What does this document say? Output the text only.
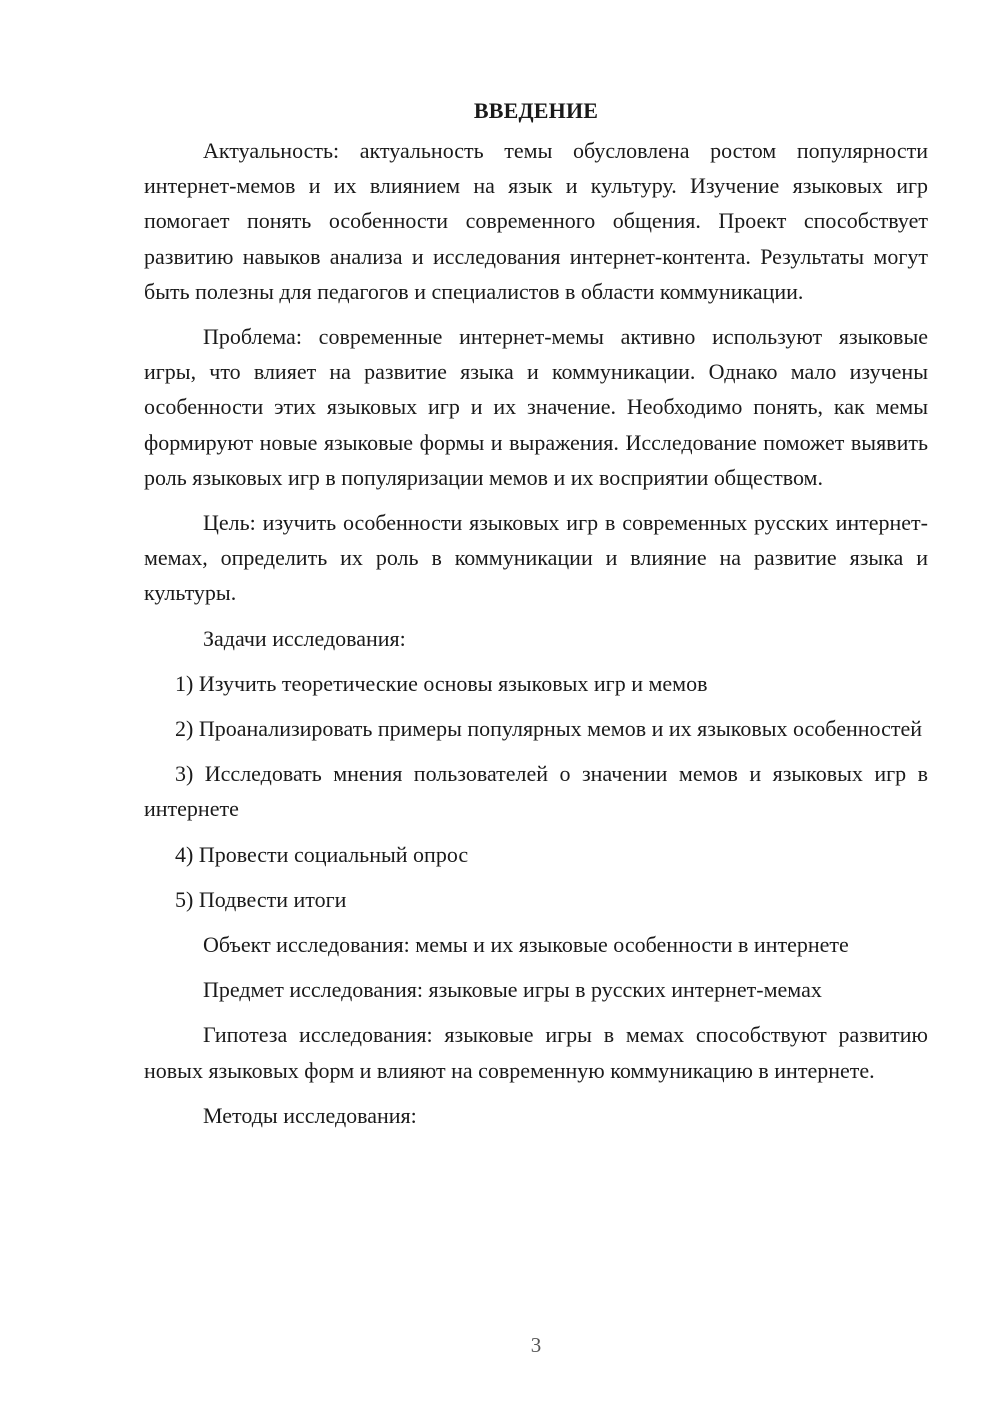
ВВЕДЕНИЕ

Актуальность: актуальность темы обусловлена ростом популярности интернет-мемов и их влиянием на язык и культуру. Изучение языковых игр помогает понять особенности современного общения. Проект способствует развитию навыков анализа и исследования интернет-контента. Результаты могут быть полезны для педагогов и специалистов в области коммуникации.

Проблема: современные интернет-мемы активно используют языковые игры, что влияет на развитие языка и коммуникации. Однако мало изучены особенности этих языковых игр и их значение. Необходимо понять, как мемы формируют новые языковые формы и выражения. Исследование поможет выявить роль языковых игр в популяризации мемов и их восприятии обществом.

Цель: изучить особенности языковых игр в современных русских интернет-мемах, определить их роль в коммуникации и влияние на развитие языка и культуры.

Задачи исследования:

1) Изучить теоретические основы языковых игр и мемов

2) Проанализировать примеры популярных мемов и их языковых особенностей

3) Исследовать мнения пользователей о значении мемов и языковых игр в интернете

4) Провести социальный опрос

5) Подвести итоги

Объект исследования: мемы и их языковые особенности в интернете

Предмет исследования: языковые игры в русских интернет-мемах

Гипотеза исследования: языковые игры в мемах способствуют развитию новых языковых форм и влияют на современную коммуникацию в интернете.

Методы исследования:

3
